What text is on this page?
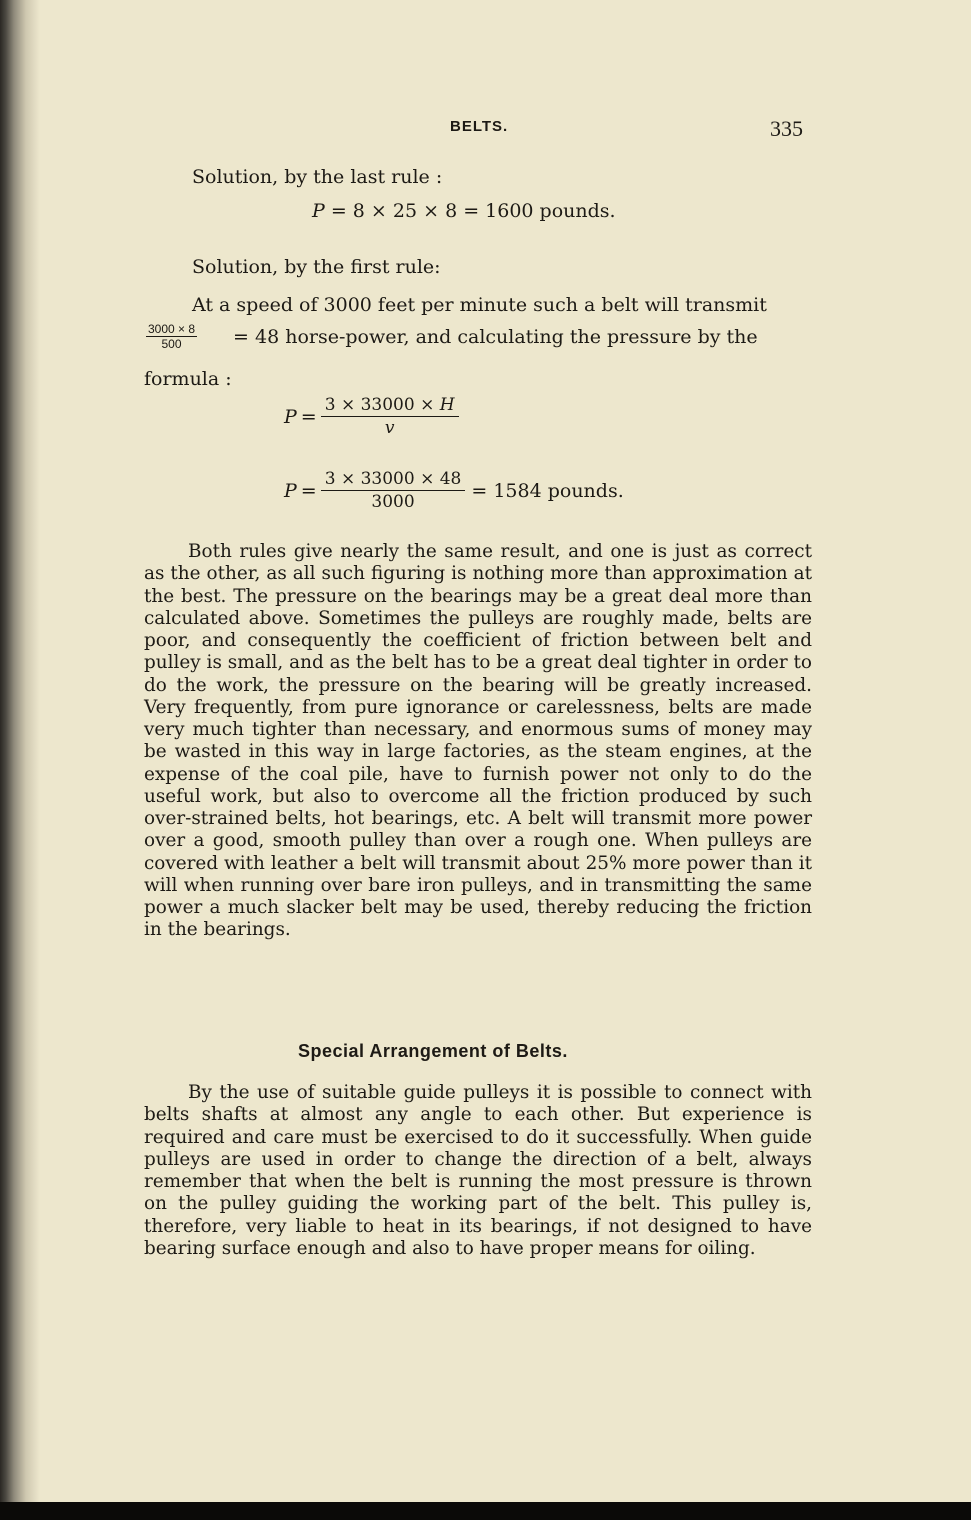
BELTS.	335
Solution, by the last rule :
P = 8 × 25 × 8 = 1600 pounds.
Solution, by the first rule:
At a speed of 3000 feet per minute such a belt will transmit
$\frac{3000 \times 8}{500} = 48$ horse-power, and calculating the pressure by the
formula :
$P = \frac{3 \times 33000 \times H}{v}$
$P = \frac{3 \times 33000 \times 48}{3000} = 1584$ pounds.

Both rules give nearly the same result, and one is just as correct as the other, as all such figuring is nothing more than approximation at the best. The pressure on the bearings may be a great deal more than calculated above. Sometimes the pulleys are roughly made, belts are poor, and consequently the coefficient of friction between belt and pulley is small, and as the belt has to be a great deal tighter in order to do the work, the pressure on the bearing will be greatly increased. Very frequently, from pure ignorance or carelessness, belts are made very much tighter than necessary, and enormous sums of money may be wasted in this way in large factories, as the steam engines, at the expense of the coal pile, have to furnish power not only to do the useful work, but also to overcome all the friction produced by such over-strained belts, hot bearings, etc. A belt will transmit more power over a good, smooth pulley than over a rough one. When pulleys are covered with leather a belt will transmit about 25% more power than it will when running over bare iron pulleys, and in transmitting the same power a much slacker belt may be used, thereby reducing the friction in the bearings.

Special Arrangement of Belts.

By the use of suitable guide pulleys it is possible to connect with belts shafts at almost any angle to each other. But experience is required and care must be exercised to do it successfully. When guide pulleys are used in order to change the direction of a belt, always remember that when the belt is running the most pressure is thrown on the pulley guiding the working part of the belt. This pulley is, therefore, very liable to heat in its bearings, if not designed to have bearing surface enough and also to have proper means for oiling.
